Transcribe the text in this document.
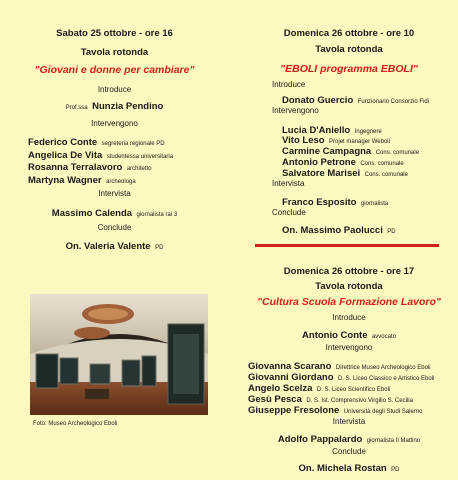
Sabato 25 ottobre - ore 16
Tavola rotonda
"Giovani e donne per cambiare"
Introduce
Prof.ssa Nunzia Pendino
Intervengono
Federico Conte segreteria regionale PD
Angelica De Vita studentessa universitaria
Rosanna Terralavoro architetto
Martyna Wagner archeologa
Intervista
Massimo Calenda giornalista rai 3
Conclude
On. Valeria Valente PD
Foto: Museo Archeologico Eboli
Domenica 26 ottobre - ore 10
Tavola rotonda
"EBOLI programma EBOLI"
Introduce
Donato Guercio Funzionario Consorzio Fidi
Intervengono
Lucia D'Aniello Ingegnere
Vito Leso Projet manager Weboli
Carmine Campagna Cons. comunale
Antonio Petrone Cons. comunale
Salvatore Marisei Cons. comunale
Intervista
Franco Esposito giornalista
Conclude
On. Massimo Paolucci PD
Domenica 26 ottobre - ore 17
Tavola rotonda
"Cultura Scuola Formazione Lavoro"
Introduce
Antonio Conte avvocato
Intervengono
Giovanna Scarano Direttrice Museo Archeologico Eboli
Giovanni Giordano D. S. Liceo Classico e Artistico Eboli
Angelo Scelza D. S. Liceo Scientifico Eboli
Gesù Pesca D. S. Ist. Comprensivo Virgilio S. Cecilia
Giuseppe Fresolone Università degli Studi Salerno
Intervista
Adolfo Pappalardo giornalista Il Mattino
Conclude
On. Michela Rostan PD
